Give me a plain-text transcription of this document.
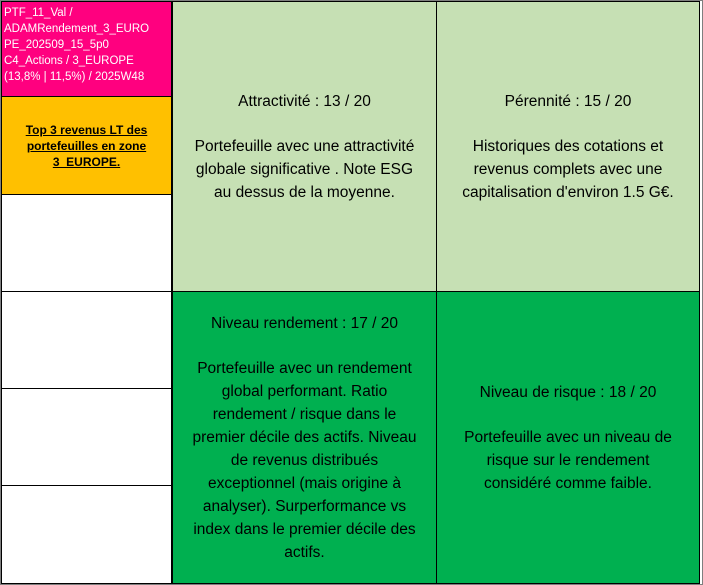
PTF_11_Val /
ADAMRendement_3_EURO
PE_202509_15_5p0
C4_Actions / 3_EUROPE
(13,8% | 11,5%) / 2025W48
Top 3 revenus LT des portefeuilles en zone 3_EUROPE.
Attractivité : 13 / 20
Portefeuille avec une attractivité
globale significative . Note ESG
au dessus de la moyenne.
Pérennité : 15 / 20
Historiques des cotations et
revenus complets avec une
capitalisation d'environ 1.5 G€.
Niveau rendement : 17 / 20
Portefeuille avec un rendement
global performant. Ratio
rendement / risque dans le
premier décile des actifs. Niveau
de revenus distribués
exceptionnel (mais origine à
analyser). Surperformance vs
index dans le premier décile des
actifs.
Niveau de risque : 18 / 20
Portefeuille avec un niveau de
risque sur le rendement
considéré comme faible.
